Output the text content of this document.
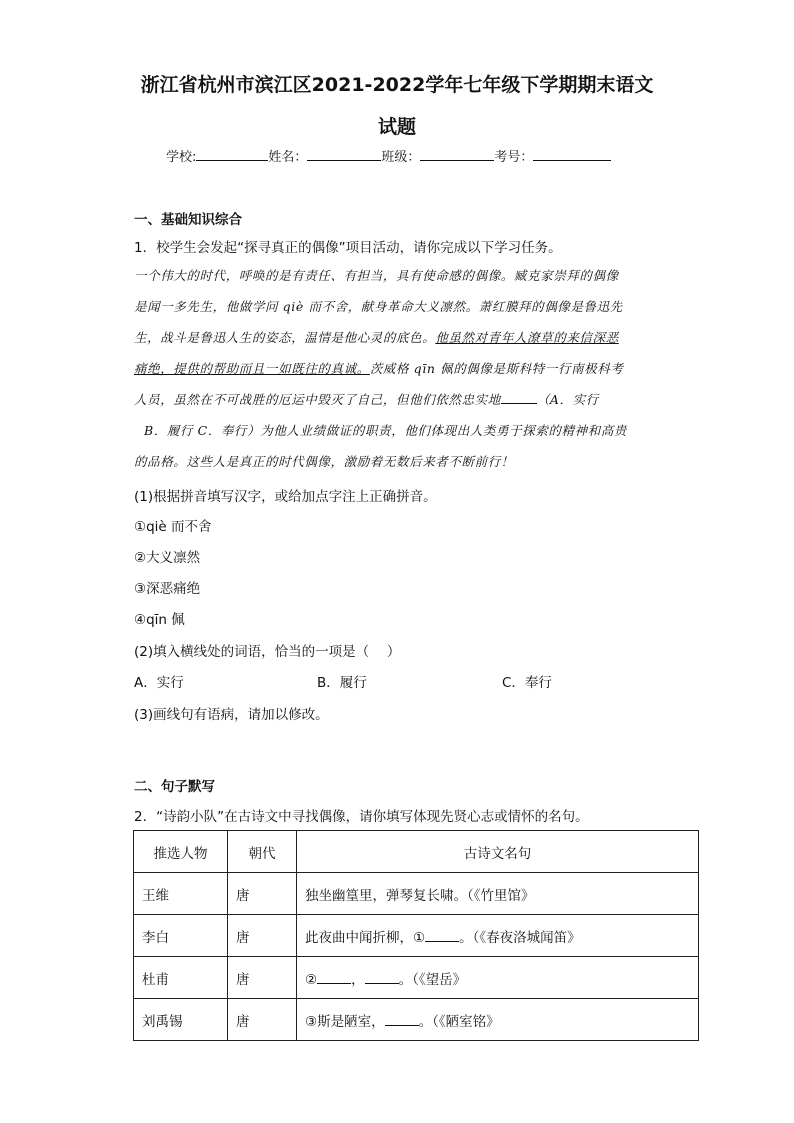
浙江省杭州市滨江区2021-2022学年七年级下学期期末语文
试题
学校:	姓名：	班级：	考号：
一、基础知识综合
1．校学生会发起“探寻真正的偶像”项目活动，请你完成以下学习任务。
一个伟大的时代，呼唤的是有责任、有担当，具有使命感的偶像。臧克家崇拜的偶像
是闻一多先生，他做学问 qiè 而不舍，献身革命大义凛然。萧红膜拜的偶像是鲁迅先
生，战斗是鲁迅人生的姿态，温情是他心灵的底色。他虽然对青年人潦草的来信深恶
痛绝，提供的帮助而且一如既往的真诚。茨威格 qīn 佩的偶像是斯科特一行南极科考
人员，虽然在不可战胜的厄运中毁灭了自己，但他们依然忠实地	（A．实行
B．履行 C．奉行）为他人业绩做证的职责，他们体现出人类勇于探索的精神和高贵
的品格。这些人是真正的时代偶像，激励着无数后来者不断前行！
(1)根据拼音填写汉字，或给加点字注上正确拼音。
①qiè 而不舍
②大义凛然
③深恶痛绝
④qīn 佩
(2)填入横线处的词语，恰当的一项是（　 ）
A．实行	B．履行	C．奉行
(3)画线句有语病，请加以修改。
二、句子默写
2．“诗韵小队”在古诗文中寻找偶像，请你填写体现先贤心志或情怀的名句。
推选人物	朝代	古诗文名句
王维	唐	独坐幽篁里，弹琴复长啸。（《竹里馆》
李白	唐	此夜曲中闻折柳，① 。（《春夜洛城闻笛》
杜甫	唐	② ， 。（《望岳》
刘禹锡	唐	③斯是陋室， 。（《陋室铭》
